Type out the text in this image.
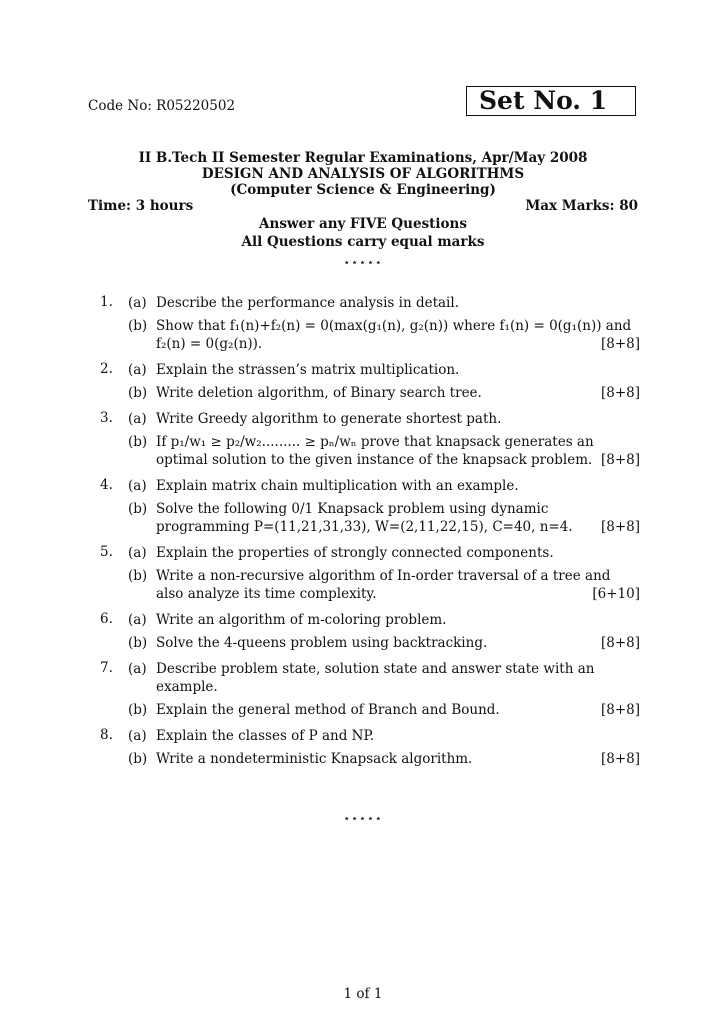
Code No: R05220502	Set No. 1
II B.Tech II Semester Regular Examinations, Apr/May 2008
DESIGN AND ANALYSIS OF ALGORITHMS
(Computer Science & Engineering)
Time: 3 hours	Max Marks: 80
Answer any FIVE Questions
All Questions carry equal marks
⋆⋆⋆⋆⋆
1. (a) Describe the performance analysis in detail.
(b) Show that f₁(n)+f₂(n) = 0(max(g₁(n), g₂(n)) where f₁(n) = 0(g₁(n)) and f₂(n) = 0(g₂(n)).	[8+8]
2. (a) Explain the strassen’s matrix multiplication.
(b) Write deletion algorithm, of Binary search tree.	[8+8]
3. (a) Write Greedy algorithm to generate shortest path.
(b) If p₁/w₁ ≥ p₂/w₂......... ≥ pₙ/wₙ prove that knapsack generates an optimal solution to the given instance of the knapsack problem. [8+8]
4. (a) Explain matrix chain multiplication with an example.
(b) Solve the following 0/1 Knapsack problem using dynamic programming P=(11,21,31,33), W=(2,11,22,15), C=40, n=4. [8+8]
5. (a) Explain the properties of strongly connected components.
(b) Write a non-recursive algorithm of In-order traversal of a tree and also analyze its time complexity.	[6+10]
6. (a) Write an algorithm of m-coloring problem.
(b) Solve the 4-queens problem using backtracking.	[8+8]
7. (a) Describe problem state, solution state and answer state with an example.
(b) Explain the general method of Branch and Bound.	[8+8]
8. (a) Explain the classes of P and NP.
(b) Write a nondeterministic Knapsack algorithm.	[8+8]
⋆⋆⋆⋆⋆
1 of 1
